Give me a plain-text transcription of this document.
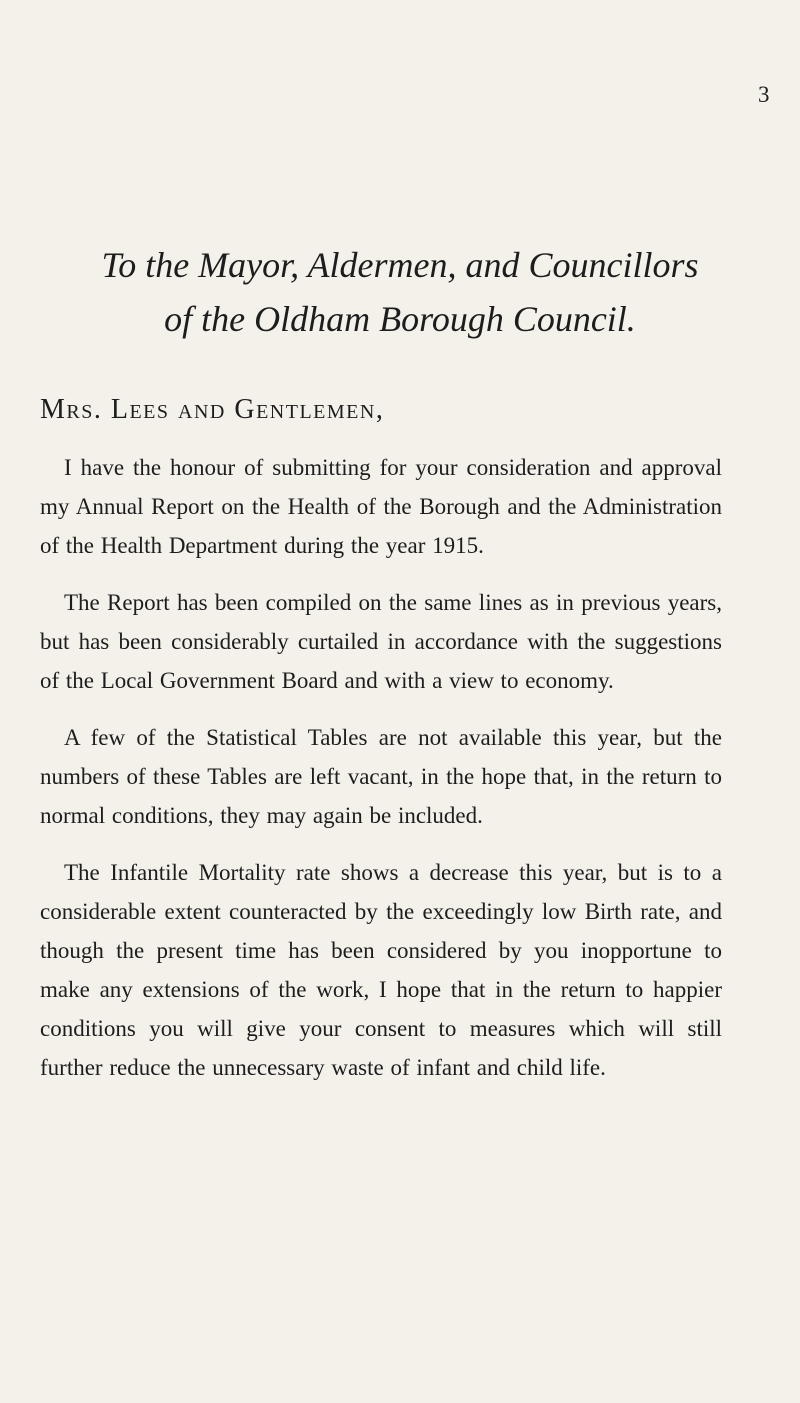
3
To the Mayor, Aldermen, and Councillors
of the Oldham Borough Council.
Mrs. Lees and Gentlemen,

I have the honour of submitting for your consideration and approval my Annual Report on the Health of the Borough and the Administration of the Health Department during the year 1915.

The Report has been compiled on the same lines as in previous years, but has been considerably curtailed in accordance with the suggestions of the Local Government Board and with a view to economy.

A few of the Statistical Tables are not available this year, but the numbers of these Tables are left vacant, in the hope that, in the return to normal conditions, they may again be included.

The Infantile Mortality rate shows a decrease this year, but is to a considerable extent counteracted by the exceedingly low Birth rate, and though the present time has been considered by you inopportune to make any extensions of the work, I hope that in the return to happier conditions you will give your consent to measures which will still further reduce the unnecessary waste of infant and child life.
